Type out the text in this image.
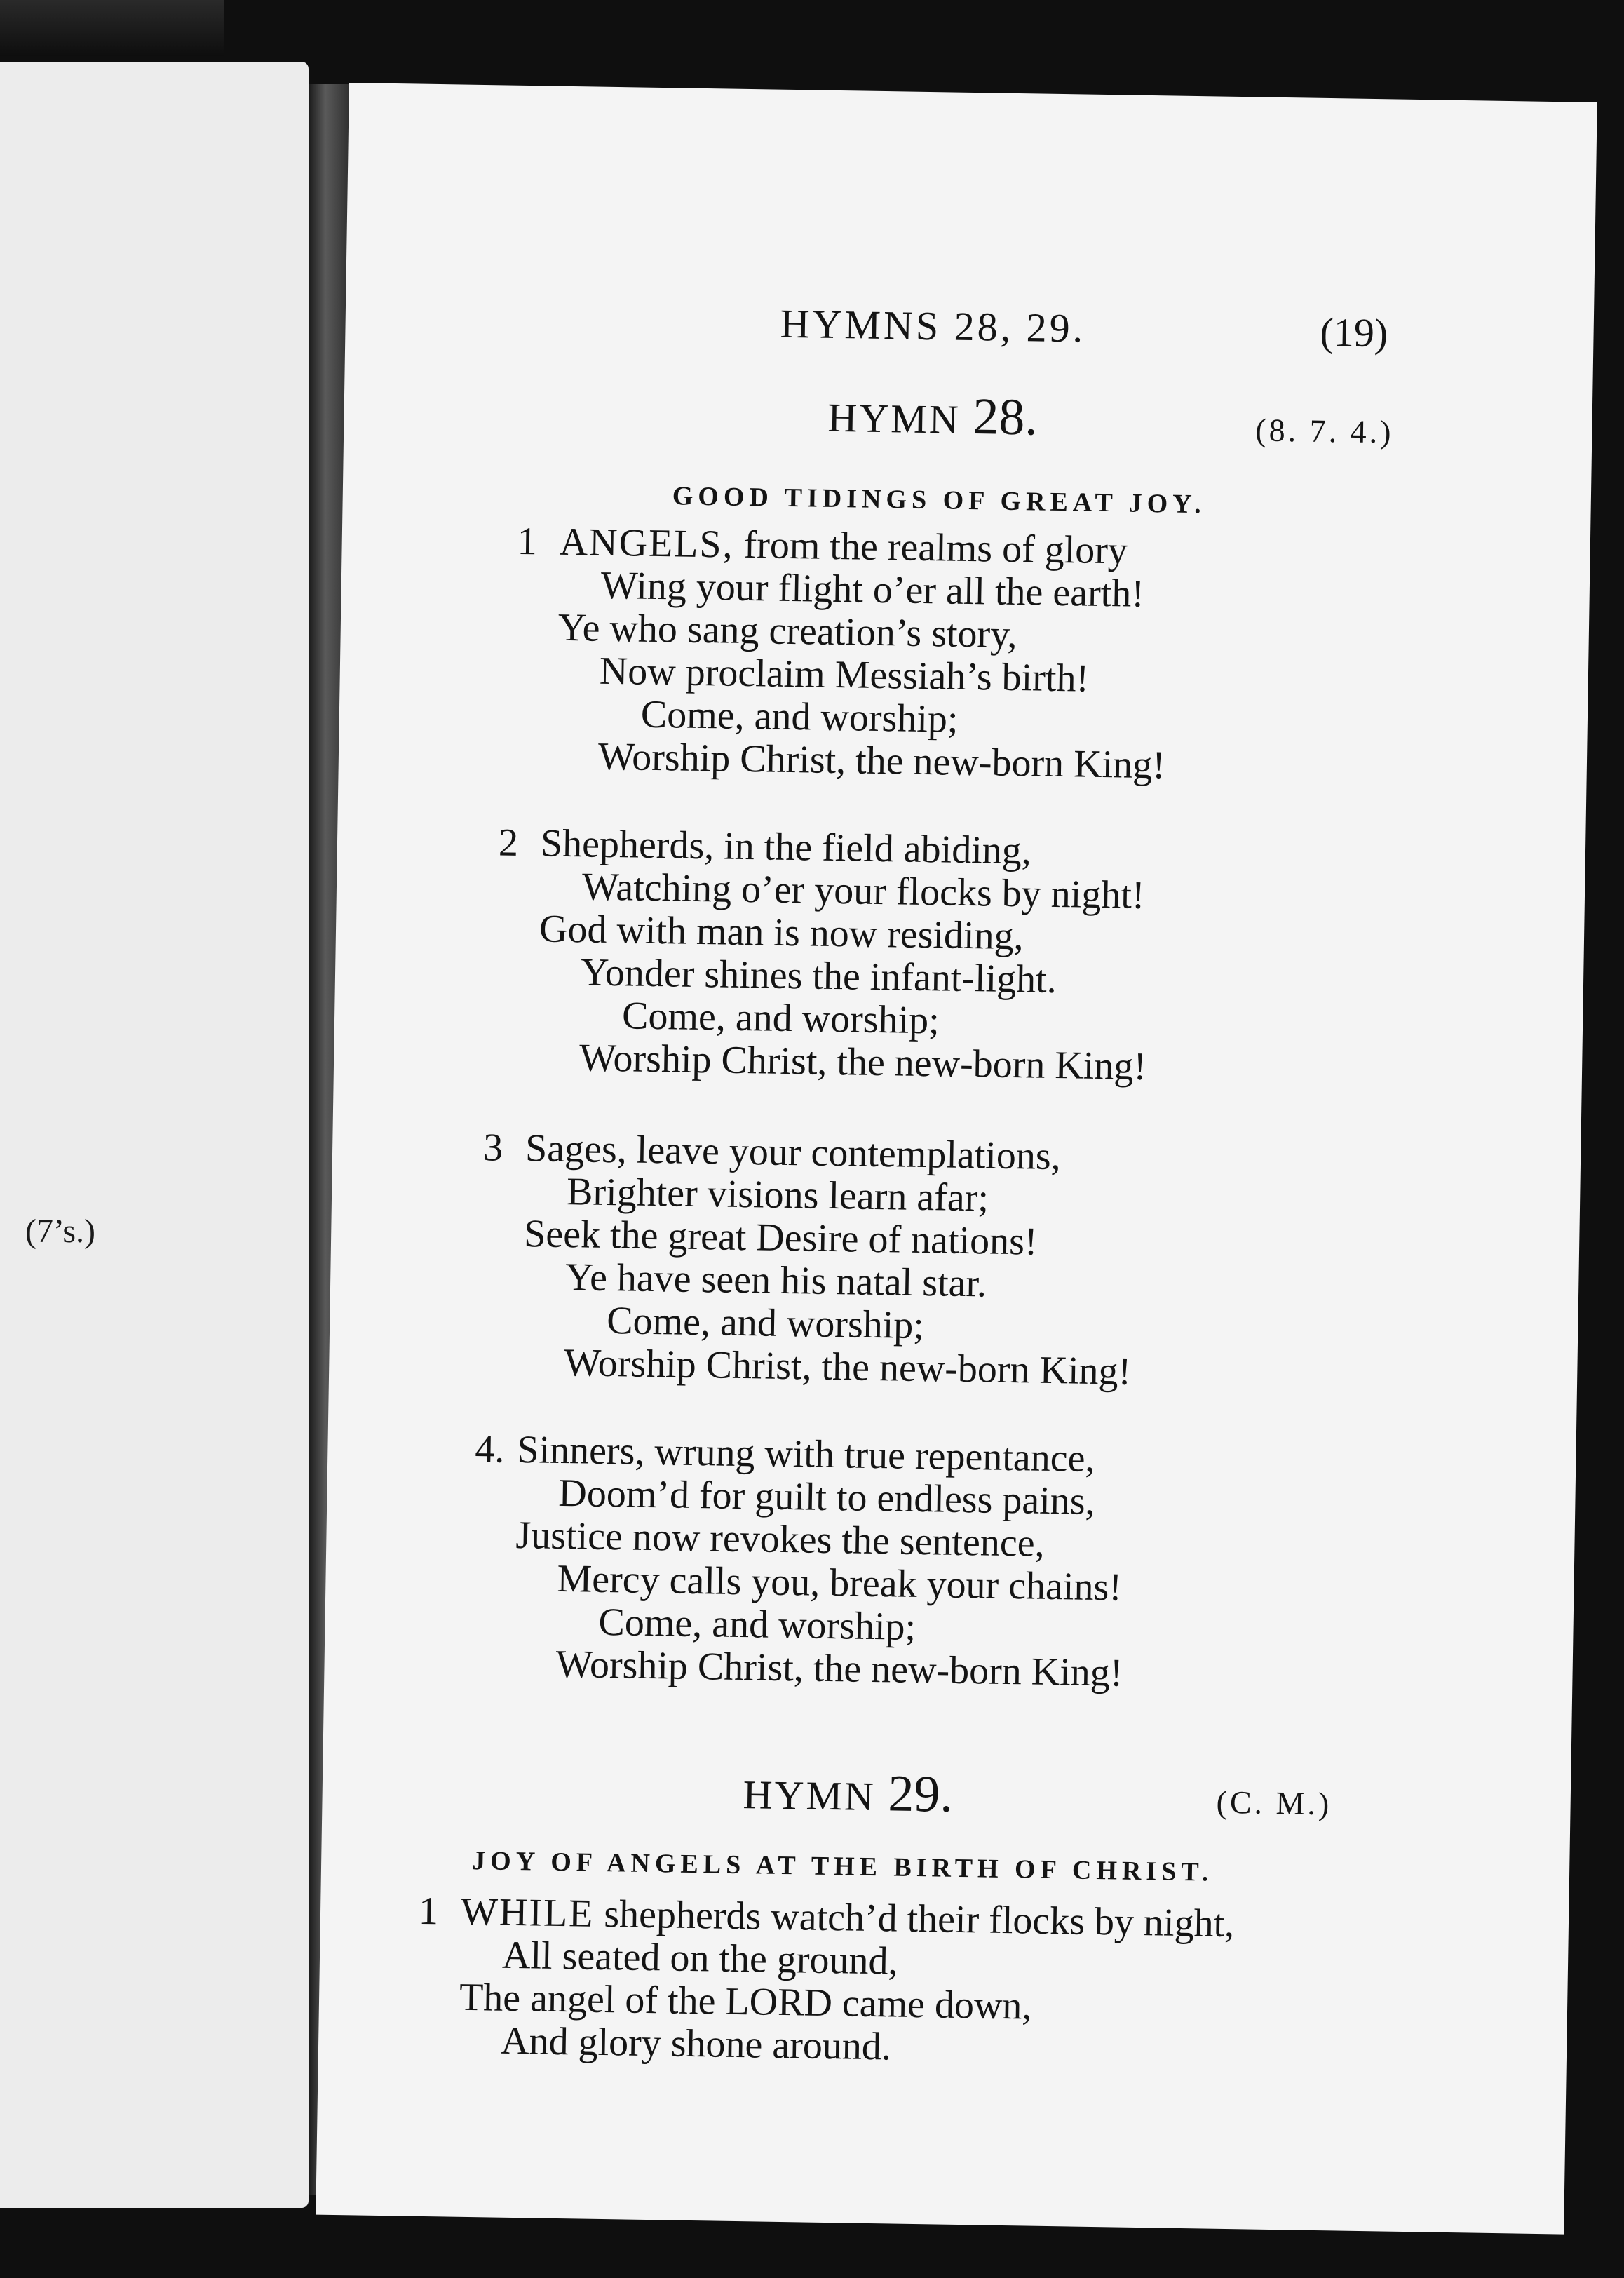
(7’s.)
HYMNS 28, 29.	(19)
HYMN 28.	(8. 7. 4.)
GOOD TIDINGS OF GREAT JOY.
1 ANGELS, from the realms of glory
Wing your flight o’er all the earth!
Ye who sang creation’s story,
Now proclaim Messiah’s birth!
Come, and worship;
Worship Christ, the new-born King!
2 Shepherds, in the field abiding,
Watching o’er your flocks by night!
God with man is now residing,
Yonder shines the infant-light.
Come, and worship;
Worship Christ, the new-born King!
3 Sages, leave your contemplations,
Brighter visions learn afar;
Seek the great Desire of nations!
Ye have seen his natal star.
Come, and worship;
Worship Christ, the new-born King!
4. Sinners, wrung with true repentance,
Doom’d for guilt to endless pains,
Justice now revokes the sentence,
Mercy calls you, break your chains!
Come, and worship;
Worship Christ, the new-born King!
HYMN 29.	(C. M.)
JOY OF ANGELS AT THE BIRTH OF CHRIST.
1 WHILE shepherds watch’d their flocks by night,
All seated on the ground,
The angel of the LORD came down,
And glory shone around.
